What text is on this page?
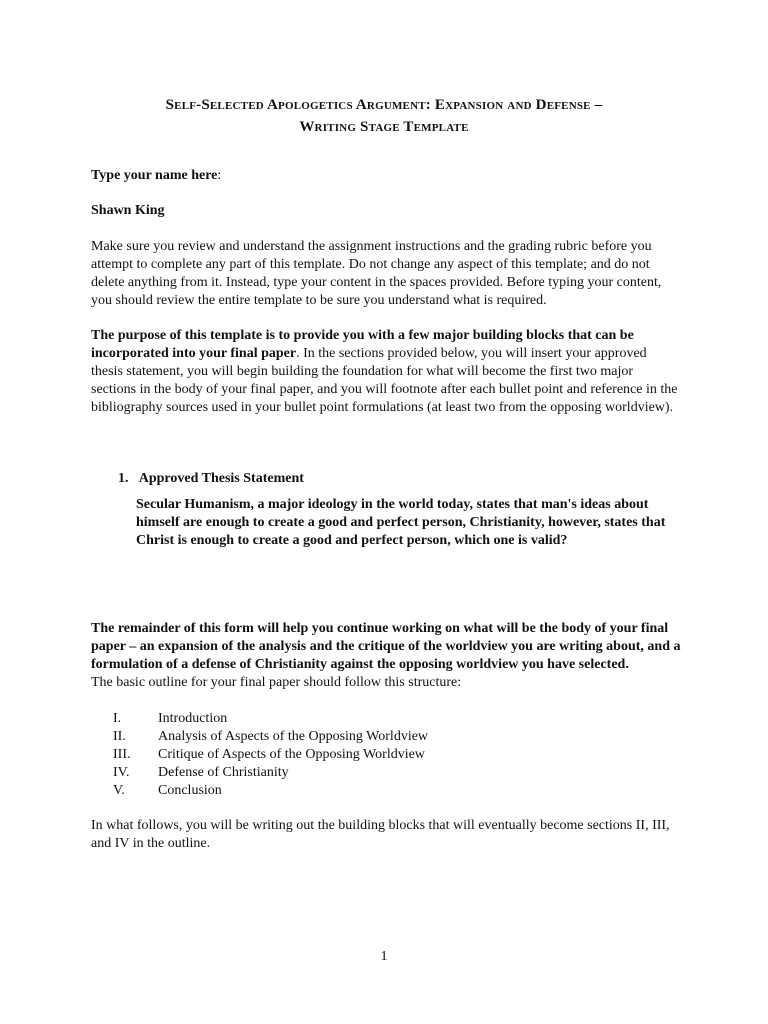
Self-Selected Apologetics Argument: Expansion and Defense –
Writing Stage Template
Type your name here:
Shawn King
Make sure you review and understand the assignment instructions and the grading rubric before you attempt to complete any part of this template. Do not change any aspect of this template; and do not delete anything from it. Instead, type your content in the spaces provided. Before typing your content, you should review the entire template to be sure you understand what is required.
The purpose of this template is to provide you with a few major building blocks that can be incorporated into your final paper. In the sections provided below, you will insert your approved thesis statement, you will begin building the foundation for what will become the first two major sections in the body of your final paper, and you will footnote after each bullet point and reference in the bibliography sources used in your bullet point formulations (at least two from the opposing worldview).
1. Approved Thesis Statement
Secular Humanism, a major ideology in the world today, states that man's ideas about himself are enough to create a good and perfect person, Christianity, however, states that Christ is enough to create a good and perfect person, which one is valid?
The remainder of this form will help you continue working on what will be the body of your final paper – an expansion of the analysis and the critique of the worldview you are writing about, and a formulation of a defense of Christianity against the opposing worldview you have selected.
The basic outline for your final paper should follow this structure:
I.	Introduction
II.	Analysis of Aspects of the Opposing Worldview
III.	Critique of Aspects of the Opposing Worldview
IV.	Defense of Christianity
V.	Conclusion
In what follows, you will be writing out the building blocks that will eventually become sections II, III, and IV in the outline.
1
